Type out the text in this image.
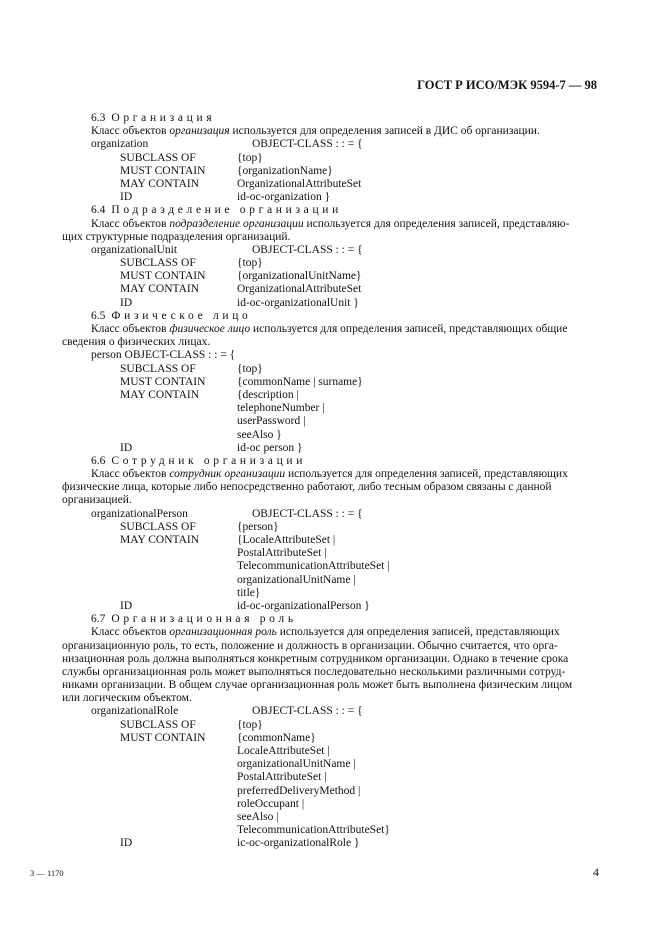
ГОСТ Р ИСО/МЭК 9594-7 — 98
6.3 Организация
Класс объектов организация используется для определения записей в ДИС об организации.
organization	OBJECT-CLASS : : = {
SUBCLASS OF	{top}
MUST CONTAIN	{organizationName}
MAY CONTAIN	OrganizationalAttributeSet
ID	id-oc-organization }
6.4 Подразделение организации
Класс объектов подразделение организации используется для определения записей, представляю-
щих структурные подразделения организаций.
organizationalUnit	OBJECT-CLASS : : = {
SUBCLASS OF	{top}
MUST CONTAIN	{organizationalUnitName}
MAY CONTAIN	OrganizationalAttributeSet
ID	id-oc-organizationalUnit }
6.5 Физическое лицо
Класс объектов физическое лицо используется для определения записей, представляющих общие
сведения о физических лицах.
person OBJECT-CLASS : : = {
SUBCLASS OF	{top}
MUST CONTAIN	{commonName | surname}
MAY CONTAIN	{description |
telephoneNumber |
userPassword |
seeAlso }
ID	id-oc person }
6.6 Сотрудник организации
Класс объектов сотрудник организации используется для определения записей, представляющих
физические лица, которые либо непосредственно работают, либо тесным образом связаны с данной
организацией.
organizationalPerson	OBJECT-CLASS : : = {
SUBCLASS OF	{person}
MAY CONTAIN	{LocaleAttributeSet |
PostalAttributeSet |
TelecommunicationAttributeSet |
organizationalUnitName |
title}
ID	id-oc-organizationalPerson }
6.7 Организационная роль
Класс объектов организационная роль используется для определения записей, представляющих
организационную роль, то есть, положение и должность в организации. Обычно считается, что орга-
низационная роль должна выполняться конкретным сотрудником организации. Однако в течение срока
службы организационная роль может выполняться последовательно несколькими различными сотруд-
никами организации. В общем случае организационная роль может быть выполнена физическим лицом
или логическим объектом.
organizationalRole	OBJECT-CLASS : : = {
SUBCLASS OF	{top}
MUST CONTAIN	{commonName}
LocaleAttributeSet |
organizationalUnitName |
PostalAttributeSet |
preferredDeliveryMethod |
roleOccupant |
seeAlso |
TelecommunicationAttributeSet}
ID	ic-oc-organizationalRole }
3 — 1170	4
